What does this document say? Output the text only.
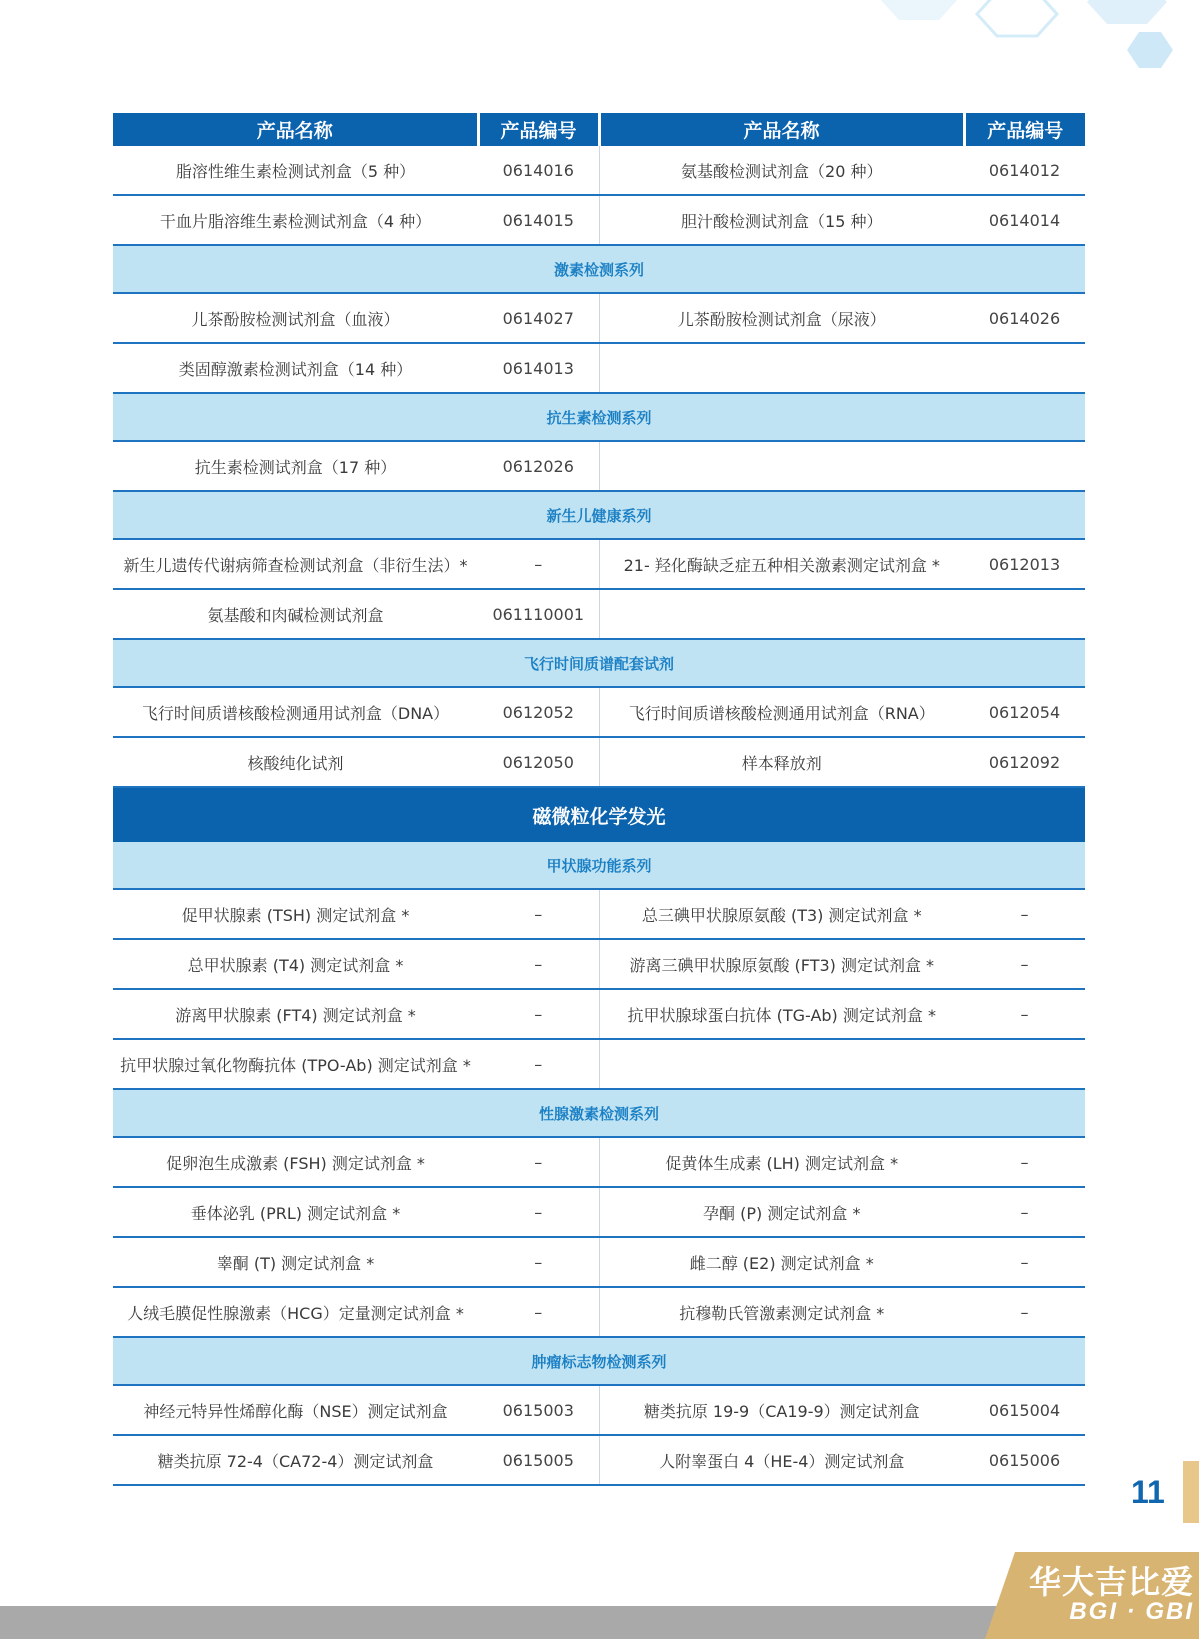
产品名称	产品编号	产品名称	产品编号
脂溶性维生素检测试剂盒（5 种）	0614016	氨基酸检测试剂盒（20 种）	0614012
干血片脂溶维生素检测试剂盒（4 种）	0614015	胆汁酸检测试剂盒（15 种）	0614014
激素检测系列			
儿茶酚胺检测试剂盒（血液）	0614027	儿茶酚胺检测试剂盒（尿液）	0614026
类固醇激素检测试剂盒（14 种）	0614013		
抗生素检测系列			
抗生素检测试剂盒（17 种）	0612026		
新生儿健康系列			
新生儿遗传代谢病筛查检测试剂盒（非衍生法）*	–	21- 羟化酶缺乏症五种相关激素测定试剂盒 *	0612013
氨基酸和肉碱检测试剂盒	061110001		
飞行时间质谱配套试剂			
飞行时间质谱核酸检测通用试剂盒（DNA）	0612052	飞行时间质谱核酸检测通用试剂盒（RNA）	0612054
核酸纯化试剂	0612050	样本释放剂	0612092
磁微粒化学发光			
甲状腺功能系列			
促甲状腺素 (TSH) 测定试剂盒 *	–	总三碘甲状腺原氨酸 (T3) 测定试剂盒 *	–
总甲状腺素 (T4) 测定试剂盒 *	–	游离三碘甲状腺原氨酸 (FT3) 测定试剂盒 *	–
游离甲状腺素 (FT4) 测定试剂盒 *	–	抗甲状腺球蛋白抗体 (TG-Ab) 测定试剂盒 *	–
抗甲状腺过氧化物酶抗体 (TPO-Ab) 测定试剂盒 *	–		
性腺激素检测系列			
促卵泡生成激素 (FSH) 测定试剂盒 *	–	促黄体生成素 (LH) 测定试剂盒 *	–
垂体泌乳 (PRL) 测定试剂盒 *	–	孕酮 (P) 测定试剂盒 *	–
睾酮 (T) 测定试剂盒 *	–	雌二醇 (E2) 测定试剂盒 *	–
人绒毛膜促性腺激素（HCG）定量测定试剂盒 *	–	抗穆勒氏管激素测定试剂盒 *	–
肿瘤标志物检测系列			
神经元特异性烯醇化酶（NSE）测定试剂盒	0615003	糖类抗原 19-9（CA19-9）测定试剂盒	0615004
糖类抗原 72-4（CA72-4）测定试剂盒	0615005	人附睾蛋白 4（HE-4）测定试剂盒	0615006
11
华大吉比爱
BGI · GBI
